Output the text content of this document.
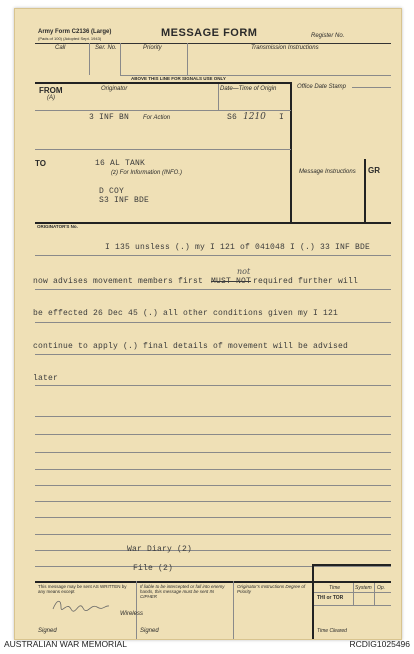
Army Form C2136 (Large)
(Pads of 100) (Adopted Sept. 1943)	MESSAGE FORM	Register No.
Call	Ser. No.	Priority	Transmission Instructions
ABOVE THIS LINE FOR SIGNALS USE ONLY
FROM
(A)
Originator	Date—Time of Origin	Office Date Stamp
3 INF BN For Action	S6 1210 I
TO	16 AL TANK
(z) For Information (INFO.)
D COY
S3 INF BDE
Message Instructions GR
ORIGINATOR'S No.
I 135 unsless (.) my I 121 of 041048 I (.) 33 INF BDE
now advises movement members first MUST NOT
not
required further will
be effected 26 Dec 45 (.) all other conditions given my I 121
continue to apply (.) final details of movement will be advised
later
War Diary (2)
File (2)
This message may be sent AS WRITTEN by any means except
Wireless
Signed
If liable to be intercepted or fall into enemy hands, this message must be sent IN CIPHER
Signed
Originator's Instructions Degree of Priority
Time	System Op.
THI or TOR
Time Cleared
AUSTRALIAN WAR MEMORIAL	RCDIG1025496
